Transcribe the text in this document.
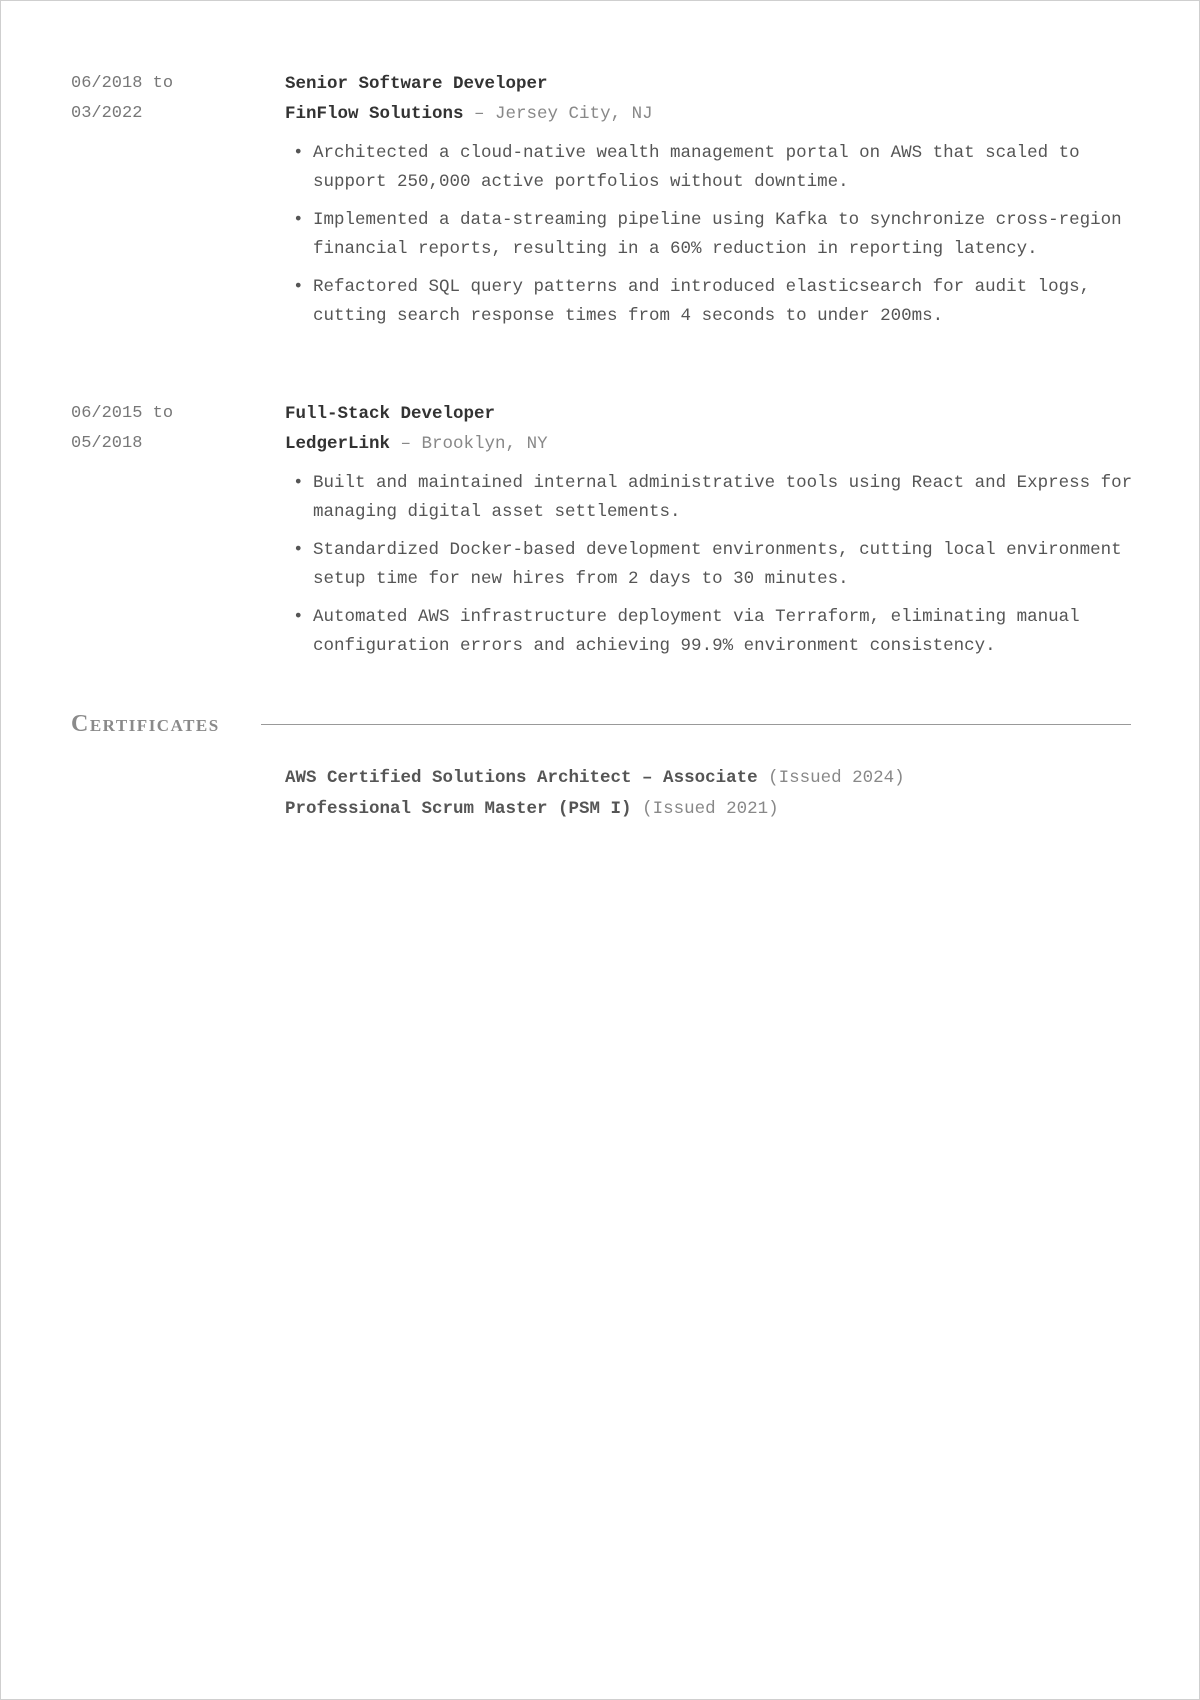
06/2018 to
03/2022
Senior Software Developer
FinFlow Solutions – Jersey City, NJ
• Architected a cloud-native wealth management portal on AWS that scaled to support 250,000 active portfolios without downtime.
• Implemented a data-streaming pipeline using Kafka to synchronize cross-region financial reports, resulting in a 60% reduction in reporting latency.
• Refactored SQL query patterns and introduced elasticsearch for audit logs, cutting search response times from 4 seconds to under 200ms.
06/2015 to
05/2018
Full-Stack Developer
LedgerLink – Brooklyn, NY
• Built and maintained internal administrative tools using React and Express for managing digital asset settlements.
• Standardized Docker-based development environments, cutting local environment setup time for new hires from 2 days to 30 minutes.
• Automated AWS infrastructure deployment via Terraform, eliminating manual configuration errors and achieving 99.9% environment consistency.
Certificates
AWS Certified Solutions Architect – Associate (Issued 2024)
Professional Scrum Master (PSM I) (Issued 2021)
